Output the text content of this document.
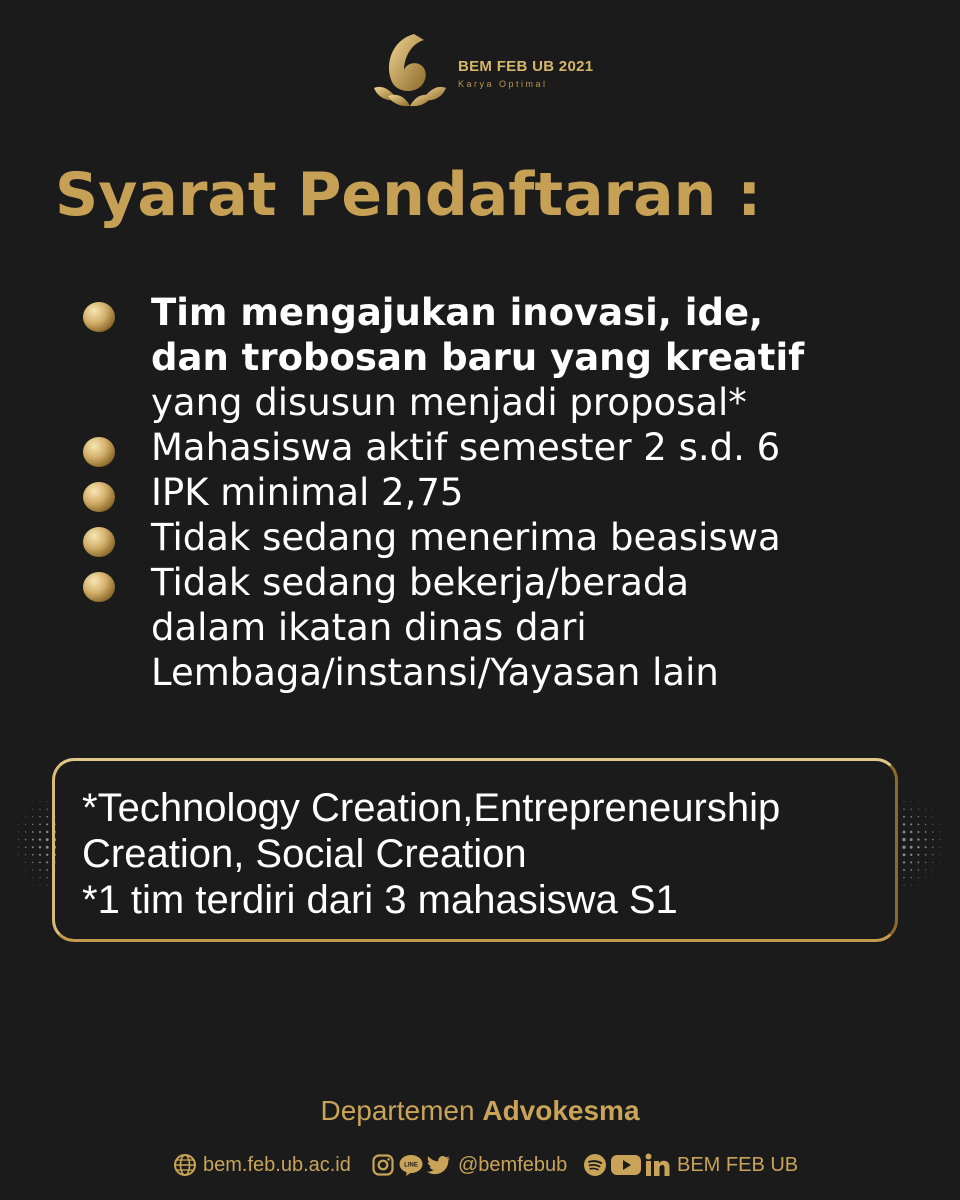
BEM FEB UB 2021
Karya Optimal
Syarat Pendaftaran :
Tim mengajukan inovasi, ide,
dan trobosan baru yang kreatif
yang disusun menjadi proposal*
Mahasiswa aktif semester 2 s.d. 6
IPK minimal 2,75
Tidak sedang menerima beasiswa
Tidak sedang bekerja/berada
dalam ikatan dinas dari
Lembaga/instansi/Yayasan lain
*Technology Creation,Entrepreneurship
Creation, Social Creation
*1 tim terdiri dari 3 mahasiswa S1
Departemen Advokesma
bem.feb.ub.ac.id	LINE @bemfebub	BEM FEB UB
